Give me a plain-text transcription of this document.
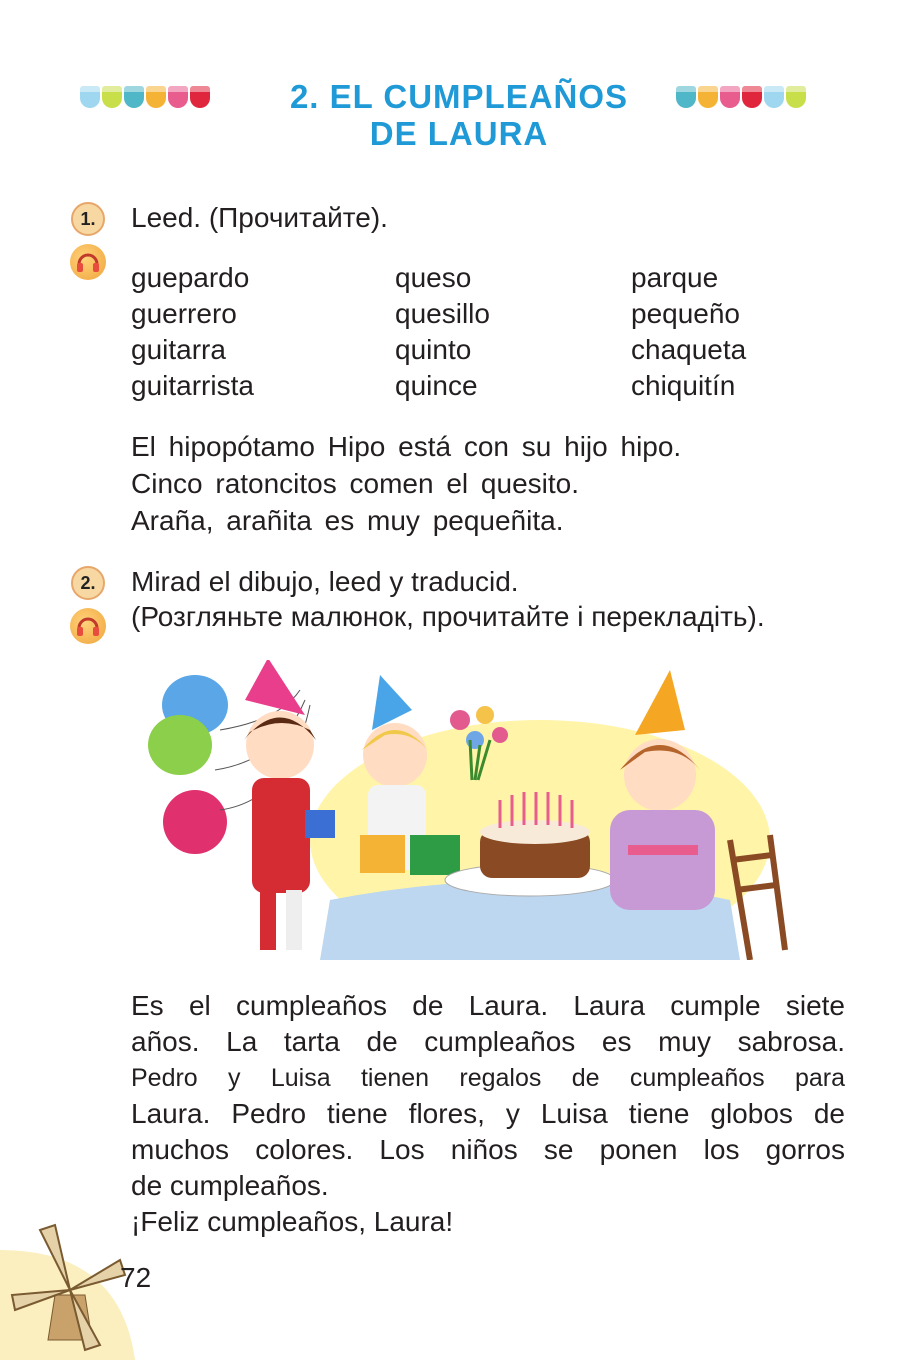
2. EL CUMPLEAÑOS
DE LAURA
1.	Leed. (Прочитайте).
guepardo
guerrero
guitarra
guitarrista
queso
quesillo
quinto
quince
parque
pequeño
chaqueta
chiquitín
El hipopótamo Hipo está con su hijo hipo.
Cinco ratoncitos comen el quesito.
Araña, arañita es muy pequeñita.
2.	Mirad el dibujo, leed y traducid.
(Розгляньте малюнок, прочитайте і перекладіть).
Es el cumpleaños de Laura. Laura cumple siete
años. La tarta de cumpleaños es muy sabrosa.
Pedro y Luisa tienen regalos de cumpleaños para
Laura. Pedro tiene flores, y Luisa tiene globos de
muchos colores. Los niños se ponen los gorros
de cumpleaños.
¡Feliz cumpleaños, Laura!
72
